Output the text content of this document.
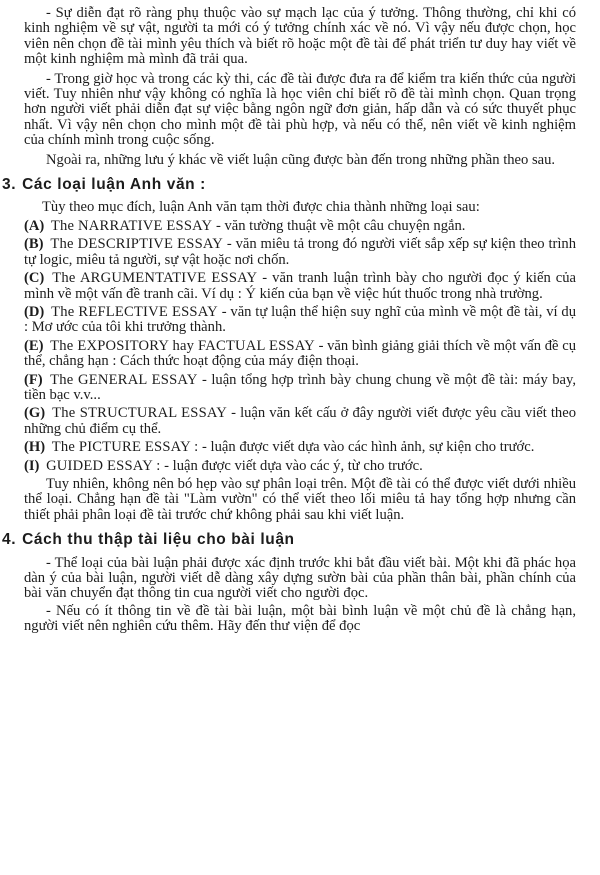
- Sự diễn đạt rõ ràng phụ thuộc vào sự mạch lạc của ý tưởng. Thông thường, chỉ khi có kinh nghiệm về sự vật, người ta mới có ý tưởng chính xác về nó. Vì vậy nếu được chọn, học viên nên chọn đề tài mình yêu thích và biết rõ hoặc một đề tài để phát triển tư duy hay viết về một kinh nghiệm mà mình đã trải qua.

- Trong giờ học và trong các kỳ thi, các đề tài được đưa ra để kiểm tra kiến thức của người viết. Tuy nhiên như vậy không có nghĩa là học viên chỉ biết rõ đề tài mình chọn. Quan trọng hơn người viết phải diễn đạt sự việc bằng ngôn ngữ đơn giản, hấp dẫn và có sức thuyết phục nhất. Vì vậy nên chọn cho mình một đề tài phù hợp, và nếu có thể, nên viết về kinh nghiệm của chính mình trong cuộc sống.

Ngoài ra, những lưu ý khác về viết luận cũng được bàn đến trong những phần theo sau.

3. Các loại luận Anh văn :

Tùy theo mục đích, luận Anh văn tạm thời được chia thành những loại sau:

(A) The NARRATIVE ESSAY - văn tường thuật về một câu chuyện ngắn.

(B) The DESCRIPTIVE ESSAY - văn miêu tả trong đó người viết sắp xếp sự kiện theo trình tự logic, miêu tả người, sự vật hoặc nơi chốn.

(C) The ARGUMENTATIVE ESSAY - văn tranh luận trình bày cho người đọc ý kiến của mình về một vấn đề tranh cãi. Ví dụ : Ý kiến của bạn về việc hút thuốc trong nhà trường.

(D) The REFLECTIVE ESSAY - văn tự luận thể hiện suy nghĩ của mình về một đề tài, ví dụ : Mơ ước của tôi khi trưởng thành.

(E) The EXPOSITORY hay FACTUAL ESSAY - văn bình giảng giải thích về một vấn đề cụ thể, chẳng hạn : Cách thức hoạt động của máy điện thoại.

(F) The GENERAL ESSAY - luận tổng hợp trình bày chung chung về một đề tài: máy bay, tiền bạc v.v...

(G) The STRUCTURAL ESSAY - luận văn kết cấu ở đây người viết được yêu cầu viết theo những chủ điểm cụ thể.

(H) The PICTURE ESSAY : - luận được viết dựa vào các hình ảnh, sự kiện cho trước.

(I) GUIDED ESSAY : - luận được viết dựa vào các ý, từ cho trước.

Tuy nhiên, không nên bó hẹp vào sự phân loại trên. Một đề tài có thể được viết dưới nhiều thể loại. Chẳng hạn đề tài "Làm vườn" có thể viết theo lối miêu tả hay tổng hợp nhưng cần thiết phải phân loại đề tài trước chứ không phải sau khi viết luận.

4. Cách thu thập tài liệu cho bài luận

- Thể loại của bài luận phải được xác định trước khi bắt đầu viết bài. Một khi đã phác họa dàn ý của bài luận, người viết dễ dàng xây dựng sườn bài của phần thân bài, phần chính của bài văn chuyển đạt thông tin cua người viết cho người đọc.

- Nếu có ít thông tin về đề tài bài luận, một bài bình luận về một chủ đề là chẳng hạn, người viết nên nghiên cứu thêm. Hãy đến thư viện để đọc
